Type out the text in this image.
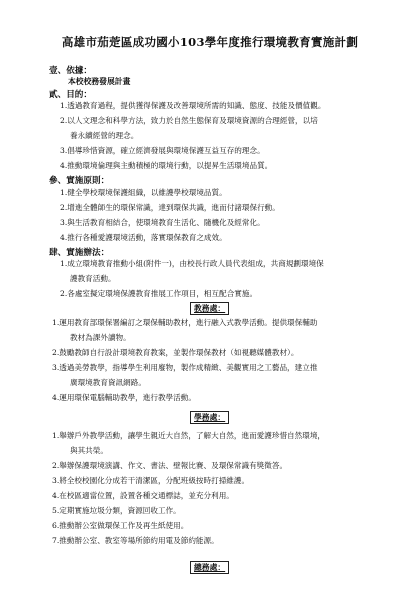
高雄市茄萣區成功國小103學年度推行環境教育實施計劃
壹、依據：
本校校務發展計畫
貳、目的：
1.透過教育過程，提供獲得保護及改善環境所需的知識、態度、技能及價值觀。
2.以人文理念和科學方法，致力於自然生態保育及環境資源的合理經營，以培
養永續經營的理念。
3.倡導珍惜資源，確立經濟發展與環境保護互益互存的理念。
4.推動環境倫理與主動積極的環境行動，以提昇生活環境品質。
參、實施原則：
1.健全學校環境保護組織，以維護學校環境品質。
2.增進全體師生的環保常識，達到環保共識，進而付諸環保行動。
3.與生活教育相結合，使環境教育生活化、隨機化及經常化。
4.推行各種愛護環境活動，落實環保教育之成效。
肆、實施辦法：
1.成立環境教育推動小組(附件一)，由校長行政人員代表組成，共商規劃環境保
護教育活動。
2.各處室擬定環境保護教育推展工作項目，相互配合實施。
教務處：
1.運用教育部環保署編訂之環保輔助教材，進行融入式教學活動。提供環保輔助
教材為課外讀物。
2.鼓勵教師自行設計環境教育教案，並製作環保教材（如視聽媒體教材）。
3.透過美勞教學，指導學生利用廢物，製作成精緻、美觀實用之工藝品，建立推
廣環境教育資訊網路。
4.運用環保電腦輔助教學，進行教學活動。
學務處：
1.舉辦戶外教學活動，讓學生親近大自然，了解大自然，進而愛護珍惜自然環境，
與其共榮。
2.舉辦保護環境演講、作文、書法、壁報比賽、及環保常識有獎徵答。
3.將全校校園化分成若干清潔區，分配班級按時打掃維護。
4.在校區適當位置，設置各種交通標誌，並充分利用。
5.定期實施垃圾分類，資源回收工作。
6.推動辦公室做環保工作及再生紙使用。
7.推動辦公室、教室等場所節約用電及節約能源。
總務處：
